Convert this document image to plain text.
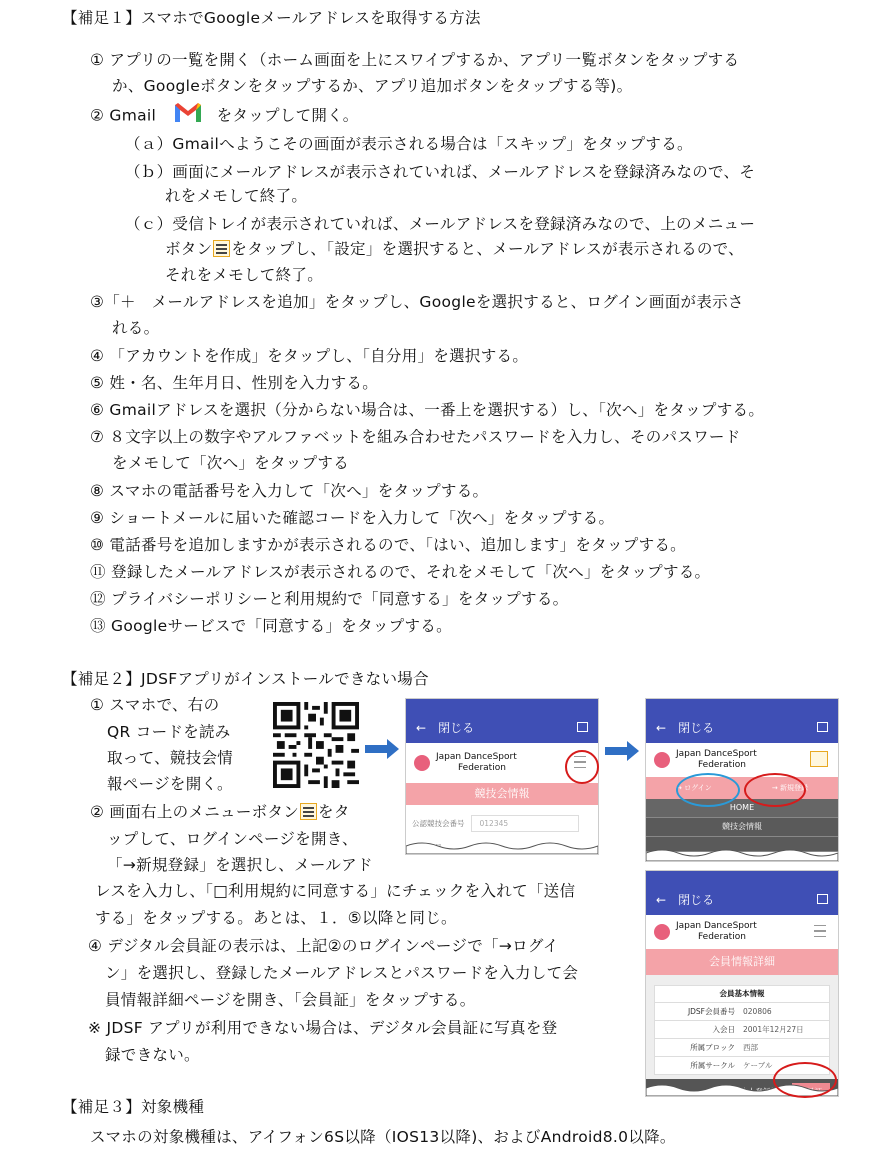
【補足１】スマホでGoogleメールアドレスを取得する方法
① アプリの一覧を開く（ホーム画面を上にスワイプするか、アプリ一覧ボタンをタップする
か、Googleボタンをタップするか、アプリ追加ボタンをタップする等)。
② Gmail	をタップして開く。
（ａ）Gmailへようこその画面が表示される場合は「スキップ」をタップする。
（ｂ）画面にメールアドレスが表示されていれば、メールアドレスを登録済みなので、そ
れをメモして終了。
（ｃ）受信トレイが表示されていれば、メールアドレスを登録済みなので、上のメニュー
ボタン をタップし、「設定」を選択すると、メールアドレスが表示されるので、
それをメモして終了。
③「＋　メールアドレスを追加」をタップし、Googleを選択すると、ログイン画面が表示さ
れる。
④ 「アカウントを作成」をタップし、「自分用」を選択する。
⑤ 姓・名、生年月日、性別を入力する。
⑥ Gmailアドレスを選択（分からない場合は、一番上を選択する）し、「次へ」をタップする。
⑦ ８文字以上の数字やアルファベットを組み合わせたパスワードを入力し、そのパスワード
をメモして「次へ」をタップする
⑧ スマホの電話番号を入力して「次へ」をタップする。
⑨ ショートメールに届いた確認コードを入力して「次へ」をタップする。
⑩ 電話番号を追加しますかが表示されるので、「はい、追加します」をタップする。
⑪ 登録したメールアドレスが表示されるので、それをメモして「次へ」をタップする。
⑫ プライバシーポリシーと利用規約で「同意する」をタップする。
⑬ Googleサービスで「同意する」をタップする。
【補足２】JDSFアプリがインストールできない場合
① スマホで、右の
QR コードを読み
取って、競技会情
報ページを開く。
② 画面右上のメニューボタン をタ
ップして、ログインページを開き、
「→新規登録」を選択し、メールアド
レスを入力し、「□利用規約に同意する」にチェックを入れて「送信
する」をタップする。あとは、１．⑤以降と同じ。
④ デジタル会員証の表示は、上記②のログインページで「→ログイ
ン」を選択し、登録したメールアドレスとパスワードを入力して会
員情報詳細ページを開き、「会員証」をタップする。
※ JDSF アプリが利用できない場合は、デジタル会員証に写真を登
録できない。
【補足３】対象機種
スマホの対象機種は、アイフォン6S以降（IOS13以降)、およびAndroid8.0以降。
←　 閉じる
Japan DanceSport
Federation
競技会情報
公認競技会番号	012345
←　 閉じる
Japan DanceSport
Federation
→ ログイン	→ 新規登録
HOME
競技会情報
←　 閉じる
Japan DanceSport
Federation
会員情報詳細
会員基本情報
JDSF会員番号	020806
入会日	2001年12月27日
所属ブロック	西部
所属サークル	ケーブル
